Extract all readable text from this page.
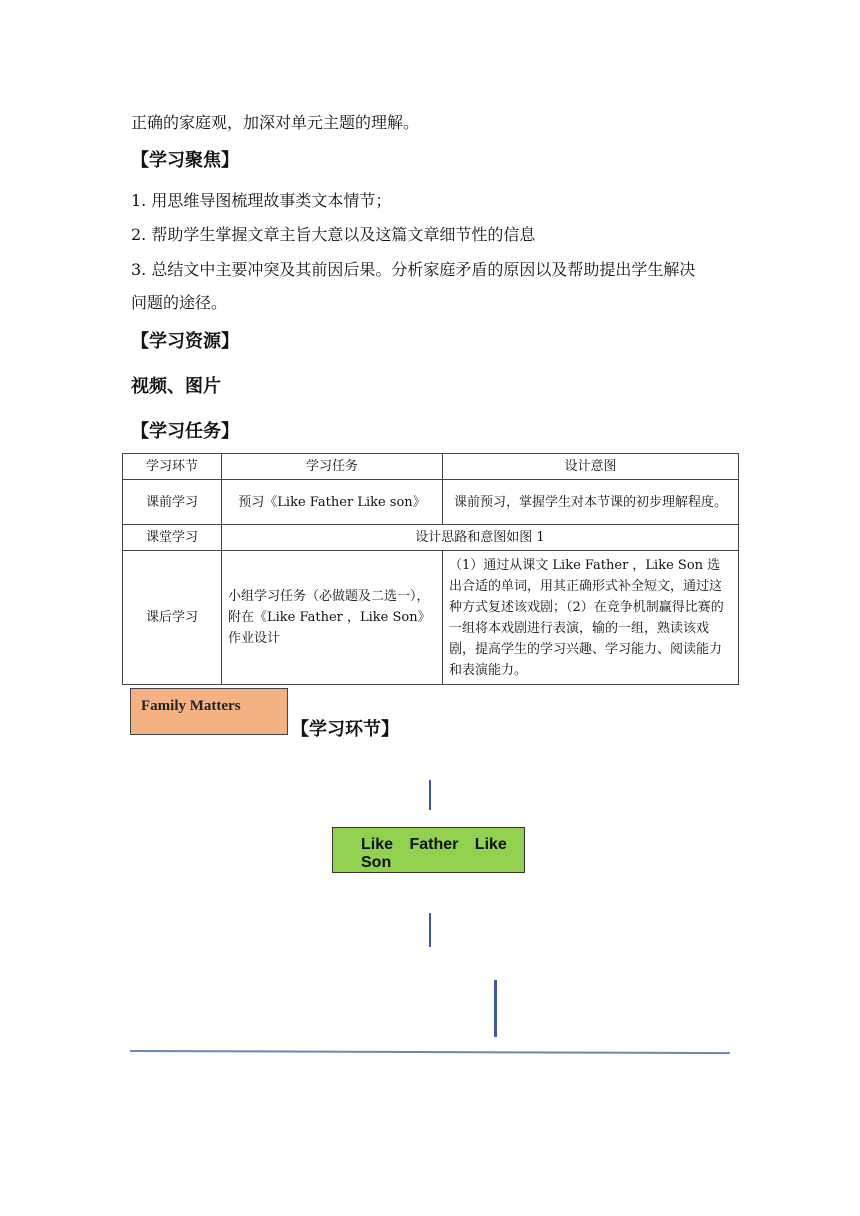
正确的家庭观，加深对单元主题的理解。
【学习聚焦】
1. 用思维导图梳理故事类文本情节；
2. 帮助学生掌握文章主旨大意以及这篇文章细节性的信息
3. 总结文中主要冲突及其前因后果。分析家庭矛盾的原因以及帮助提出学生解决
问题的途径。
【学习资源】
视频、图片
【学习任务】
学习环节	学习任务	设计意图
课前学习	预习《Like Father Like son》	课前预习，掌握学生对本节课的初步理解程度。
课堂学习	设计思路和意图如图 1	
课后学习	小组学习任务（必做题及二选一），附在《Like Father ，Like Son》作业设计	（1）通过从课文 Like Father ，Like Son 选出合适的单词，用其正确形式补全短文，通过这种方式复述该戏剧；（2）在竞争机制赢得比赛的一组将本戏剧进行表演，输的一组，熟读该戏剧，提高学生的学习兴趣、学习能力、阅读能力和表演能力。
Family Matters
【学习环节】
Like Father Like Son
